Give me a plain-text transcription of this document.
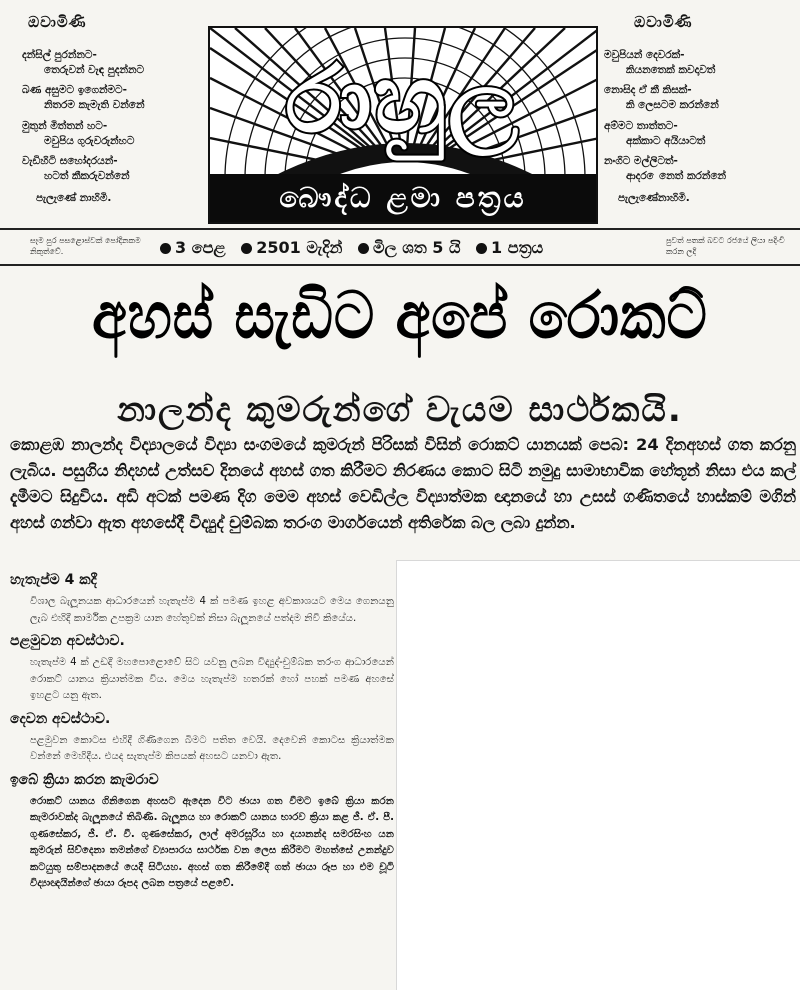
ඔවාමිණි
දන්සිල් පුරන්නට-
තෙරුවන් වැඳ පුදන්නට
බණ අසුමට ඉගෙන්මට-
නිතරම කැමැති වන්නේ
මුතුන් මිත්තන් හට-
මවුපිය ගුරුවරුන්හට
වැඩිහිටි සහෝදරයන්-
හටත් කීකරුවන්නේ
පැලැණේ නාහිමි.
රාහුල
බෞද්ධ ළමා පත්‍රය
ඔවාමිණි
මවුපියන් දෙවරක්-
කියනතෙක් කවදාවත්
නොසිද ඒ කී කිසක්-
කි ලෙසටම කරන්නේ
අම්මට තාත්තට-
අක්කාට අයියාටත්
නංගිට මල්ලිටත්-
ආදර ෙනෙත් කරන්නේ
පැලැණේනාහිමි.
සෑම පුර පසළොස්වක් පෝදිනකම නිකුත්වේ.	3 පෙළ 2501 මැදින් මිල ශත 5 යි 1 පත්‍රය	පුවත් පතක් බවට රජයේ ලියා පදිංචි කරන ලදි
අහස් සැඩිට අපේ රොකට්
නාලන්ද කුමරුන්ගේ වැයම සාර්ථකයි.
කොළඹ නාලන්ද විද්‍යාලයේ විද්‍යා සංගමයේ කුමරුන් පිරිසක් විසින් රොකට් යානයක් පෙබ: 24 දිනඅහස් ගත කරනු ලැබිය. පසුගිය නිදහස් උත්සව දිනයේ අහස් ගත කිරීමට නිරණය කොට සිටි නමුදු සාමාභාවික හේතූන් නිසා එය කල් දැමීමට සිදුවිය. අඩි අටක් පමණ දිග මෙම අහස් වෙඩිල්ල විද්‍යාත්මක ඥානයේ හා උසස් ගණිතයේ හාස්කම් මගින් අහස් ගන්වා ඇත අහසේදී විද්‍යුද් චුම්බක තරංග මාර්ගයෙන් අතිරේක බල ලබා දුන්න.
හැතැප්ම 4 කදී
විශාල බැලූනයක ආධාරයෙන් හැතැප්ම 4 ක් පමණ ඉහළ අවකාශයට මෙය ගෙනයනු ලැබ එහිදී කාර්මික උපක්‍රම යාන හේතුවක් නිසා බැලූනයේ පත්දම නිවී කියේය.
පළමුවන අවස්ථාව.
හැතැප්ම 4 ක් උඩදී මහපොළොවේ සිට යවනු ලබන විද්‍යුද්-චුම්බක තරංග ආධාරයෙන් රොකට් යානය ක්‍රියාත්මක විය. මෙය හැතැප්ම හතරක් හෝ පහක් පමණ අහසේ ඉහළට යනු ඇත.
දෙවන අවස්ථාව.
පළමුවන කොටස එහිදී ගිණිගෙන බිමට පතිත වෙයි. දෙවෙනි කොටස ක්‍රියාත්මක වන්නේ මෙහිදීය. එයද සැතැප්ම කිපයක් අහසට යනවා ඇත.
ඉබේ ක්‍රියා කරන කැමරාව
රොකට් යානය ගිනිගෙන අහසට ඇදෙන විට ඡායා ගත වීමට ඉබේ ක්‍රියා කරන කැමරාවක්ද බැලූනයේ තිබිණි. බැලූනය හා රොකට් යානය භාරව ක්‍රියා කළ ජී. ඒ. පී. ගුණසේකර, ජී. ඒ. වී. ගුණසේකර, ලාල් අමරසූරිය හා දයානන්ද සමරසිංහ යන කුමරුන් සිව්දෙනා තමන්ගේ ව්‍යාපාරය සාර්ථක වන ලෙස කිරීමට මහත්සේ උනන්දුව කටයුතු සම්පාදනයේ යෙදී සිටියහ. අහස් ගත කිරීමේදී ගත් ඡායා රූප හා එම චූටි විද්‍යාඥයින්ගේ ඡායා රූපද ලබන පත්‍රයේ පළවේ.
